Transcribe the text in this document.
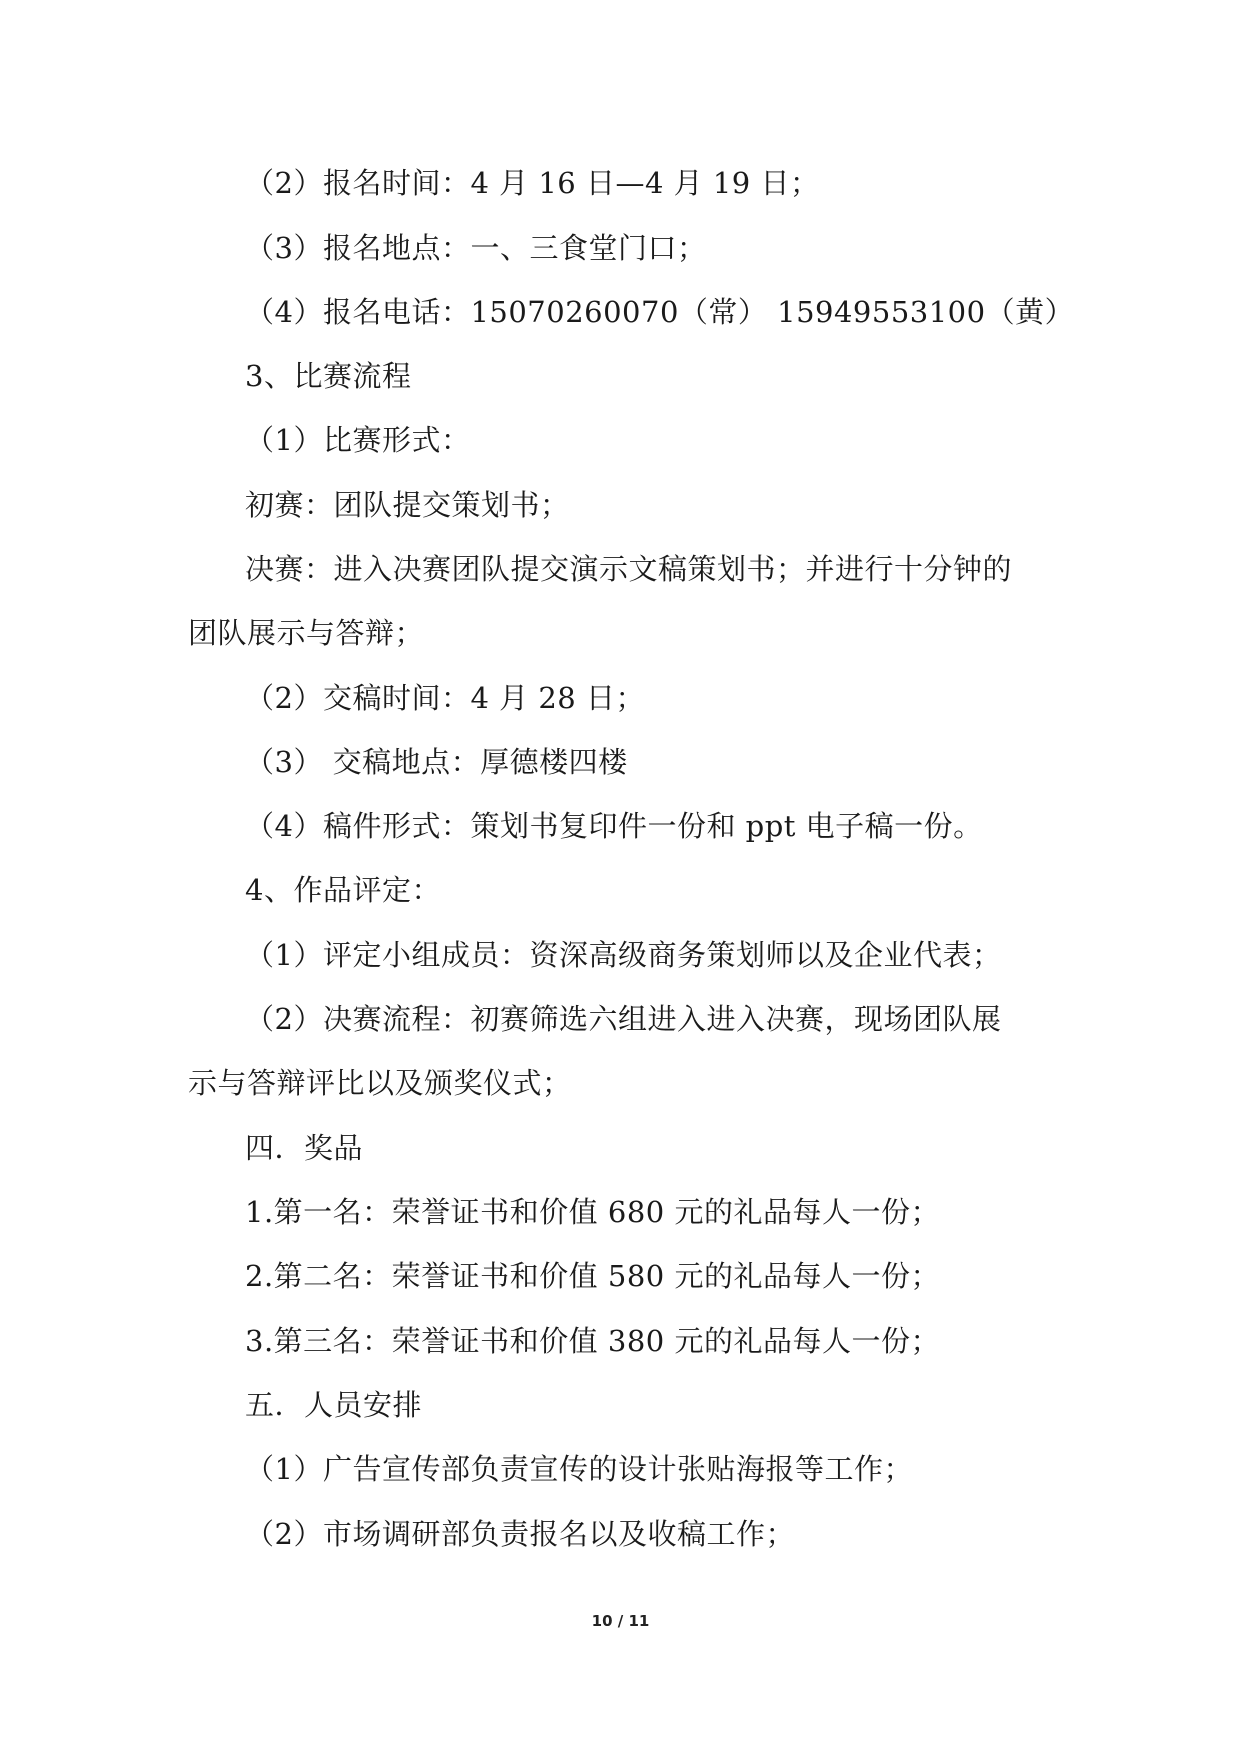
（2）报名时间：4 月 16 日—4 月 19 日；
（3）报名地点：一、三食堂门口；
（4）报名电话：15070260070（常） 15949553100（黄）
3、比赛流程
（1）比赛形式：
初赛：团队提交策划书；
决赛：进入决赛团队提交演示文稿策划书；并进行十分钟的
团队展示与答辩；
（2）交稿时间：4 月 28 日；
（3） 交稿地点：厚德楼四楼
（4）稿件形式：策划书复印件一份和 ppt 电子稿一份。
4、作品评定：
（1）评定小组成员：资深高级商务策划师以及企业代表；
（2）决赛流程：初赛筛选六组进入进入决赛，现场团队展
示与答辩评比以及颁奖仪式；
四．奖品
1.第一名：荣誉证书和价值 680 元的礼品每人一份；
2.第二名：荣誉证书和价值 580 元的礼品每人一份；
3.第三名：荣誉证书和价值 380 元的礼品每人一份；
五．人员安排
（1）广告宣传部负责宣传的设计张贴海报等工作；
（2）市场调研部负责报名以及收稿工作；
10 / 11
